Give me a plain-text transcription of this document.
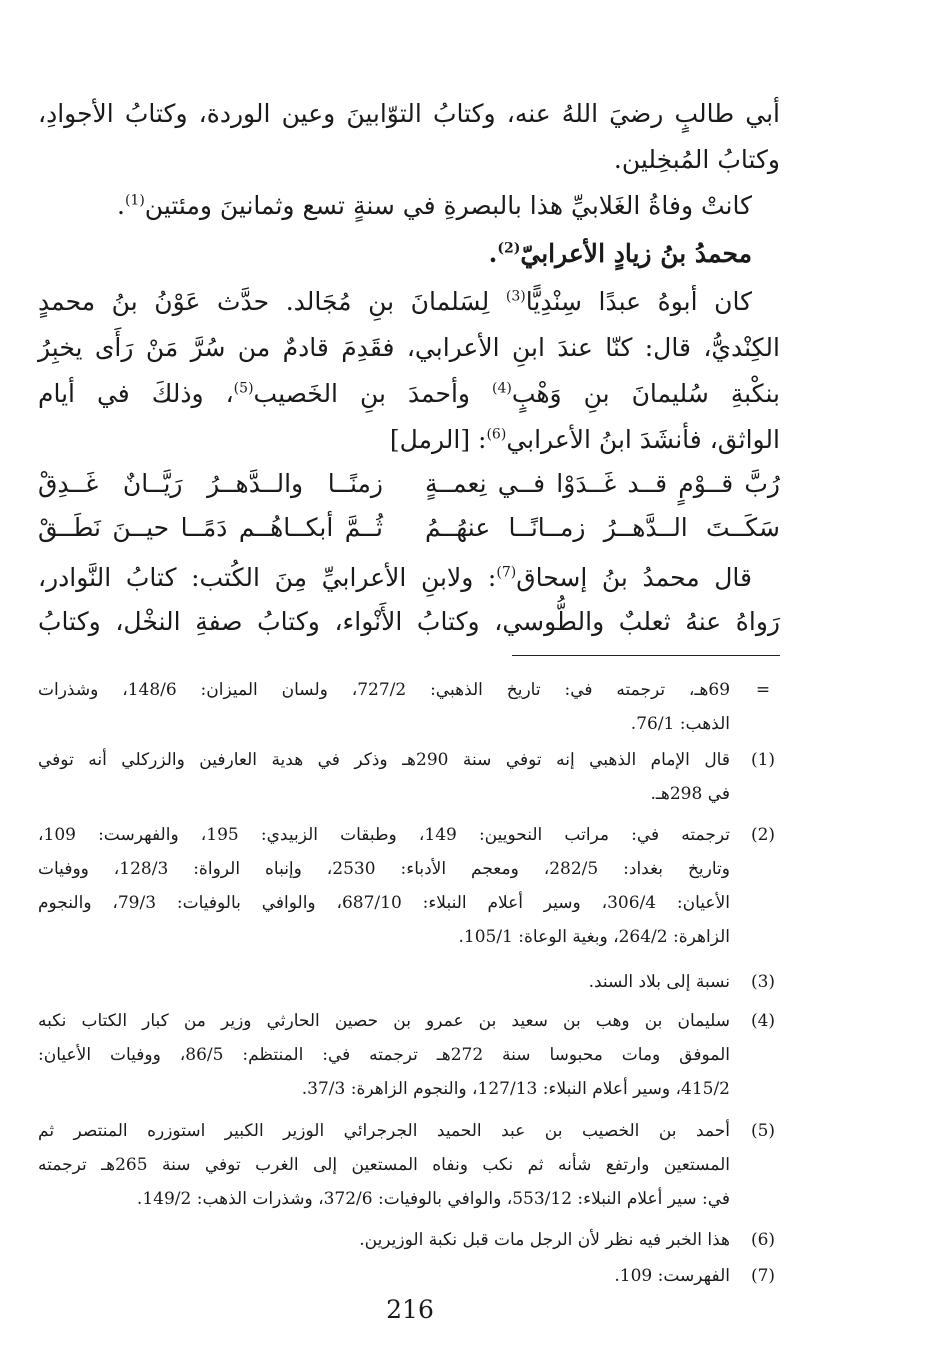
أبي طالبٍ رضيَ اللهُ عنه، وكتابُ التوّابينَ وعين الوردة، وكتابُ الأجوادِ،
وكتابُ المُبخِلين.
كانتْ وفاةُ الغَلابيِّ هذا بالبصرةِ في سنةٍ تسع وثمانينَ ومئتين$^{(1)}$.
محمدُ بنُ زيادٍ الأعرابيّ$^{(2)}$.
كان أبوهُ عبدًا سِنْدِيًّا$^{(3)}$ لِسَلمانَ بنِ مُجَالد. حدَّث عَوْنُ بنُ محمدٍ
الكِنْديُّ، قال: كنّا عندَ ابنِ الأعرابي، فقَدِمَ قادمٌ من سُرَّ مَنْ رَأَى يخبِرُ
بنكْبةِ سُليمانَ بنِ وَهْبٍ$^{(4)}$ وأحمدَ بنِ الخَصيب$^{(5)}$، وذلكَ في أيام
الواثق، فأنشَدَ ابنُ الأعرابي$^{(6)}$: [الرمل]
رُبَّ قــوْمٍ قــد غَــدَوْا فــي نِعمــةٍ
زمنًــا والــدَّهــرُ رَيَّــانٌ غَــدِقْ
سَكَــتَ الــدَّهــرُ زمــانًــا عنهُــمُ
ثُــمَّ أبكــاهُــم دَمًــا حيــنَ نَطَــقْ
قال محمدُ بنُ إسحاق$^{(7)}$: ولابنِ الأعرابيِّ مِنَ الكُتب: كتابُ النَّوادر،
رَواهُ عنهُ ثعلبٌ والطُّوسي، وكتابُ الأَنْواء، وكتابُ صفةِ النخْل، وكتابُ
=
69هـ، ترجمته في: تاريخ الذهبي: 727/2، ولسان الميزان: 148/6، وشذرات
الذهب: 76/1.
(1)
قال الإمام الذهبي إنه توفي سنة 290هـ وذكر في هدية العارفين والزركلي أنه توفي
في 298هـ.
(2)
ترجمته في: مراتب النحويين: 149، وطبقات الزبيدي: 195، والفهرست: 109،
وتاريخ بغداد: 282/5، ومعجم الأدباء: 2530، وإنباه الرواة: 128/3، ووفيات
الأعيان: 306/4، وسير أعلام النبلاء: 687/10، والوافي بالوفيات: 79/3، والنجوم
الزاهرة: 264/2، وبغية الوعاة: 105/1.
(3)
نسبة إلى بلاد السند.
(4)
سليمان بن وهب بن سعيد بن عمرو بن حصين الحارثي وزير من كبار الكتاب نكبه
الموفق ومات محبوسا سنة 272هـ ترجمته في: المنتظم: 86/5، ووفيات الأعيان:
415/2، وسير أعلام النبلاء: 127/13، والنجوم الزاهرة: 37/3.
(5)
أحمد بن الخصيب بن عبد الحميد الجرجرائي الوزير الكبير استوزره المنتصر ثم
المستعين وارتفع شأنه ثم نكب ونفاه المستعين إلى الغرب توفي سنة 265هـ ترجمته
في: سير أعلام النبلاء: 553/12، والوافي بالوفيات: 372/6، وشذرات الذهب: 149/2.
(6)
هذا الخبر فيه نظر لأن الرجل مات قبل نكبة الوزيرين.
(7)
الفهرست: 109.
216
